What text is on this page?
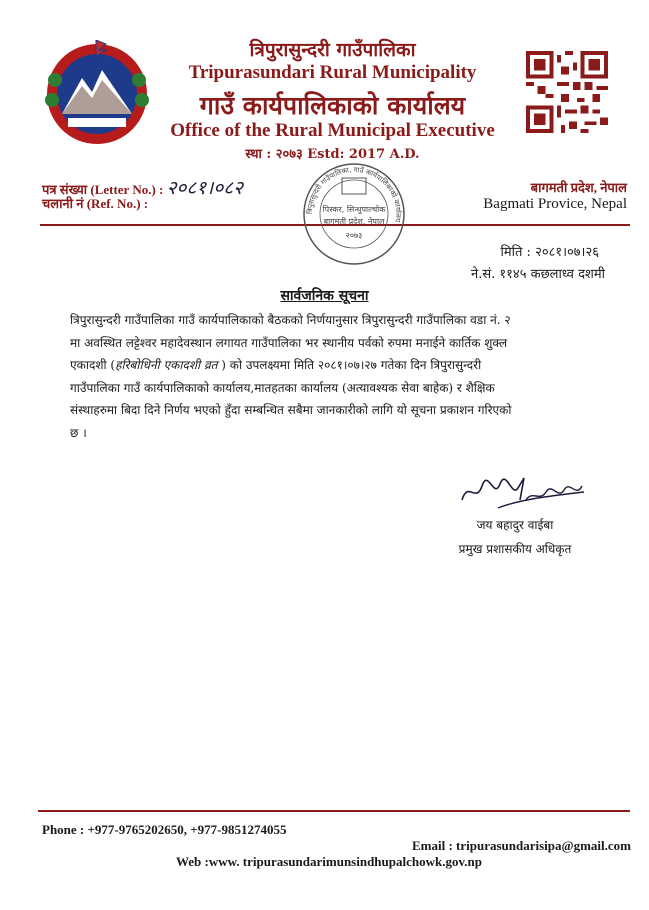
त्रिपुरासुन्दरी गाउँपालिका
Tripurasundari Rural Municipality
गाउँ कार्यपालिकाको कार्यालय
Office of the Rural Municipal Executive
स्था : २०७३ Estd: 2017 A.D.
पत्र संख्या (Letter No.) : २०८१।०८२
चलानी नं (Ref. No.) :
बागमती प्रदेश, नेपाल
Bagmati Provice, Nepal
त्रिपुरासुन्दरी गाउँपालिका, गाउँ कार्यपालिकाको कार्यालय
पिस्कर, सिन्धुपाल्चोक
बागमती प्रदेश, नेपाल
२०७३
मिति : २०८१।०७।२६
ने.सं. ११४५ कछलाध्व दशमी
सार्वजनिक सूचना
त्रिपुरासुन्दरी गाउँपालिका गाउँ कार्यपालिकाको बैठकको निर्णयानुसार त्रिपुरासुन्दरी गाउँपालिका वडा नं. २
मा अवस्थित लट्टेश्वर महादेवस्थान लगायत गाउँपालिका भर स्थानीय पर्वको रुपमा मनाईने कार्तिक शुक्ल
एकादशी (हरिबोधिनी एकादशी व्रत ) को उपलक्ष्यमा मिति २०८१।०७।२७ गतेका दिन त्रिपुरासुन्दरी
गाउँपालिका गाउँ कार्यपालिकाको कार्यालय,मातहतका कार्यालय (अत्यावश्यक सेवा बाहेक) र शैक्षिक
संस्थाहरुमा बिदा दिने निर्णय भएको हुँदा सम्बन्धित सबैमा जानकारीको लागि यो सूचना प्रकाशन गरिएको
छ ।
जय बहादुर वाईबा
प्रमुख प्रशासकीय अधिकृत
Phone : +977-9765202650, +977-9851274055
Email : tripurasundarisipa@gmail.com
Web :www. tripurasundarimunsindhupalchowk.gov.np
